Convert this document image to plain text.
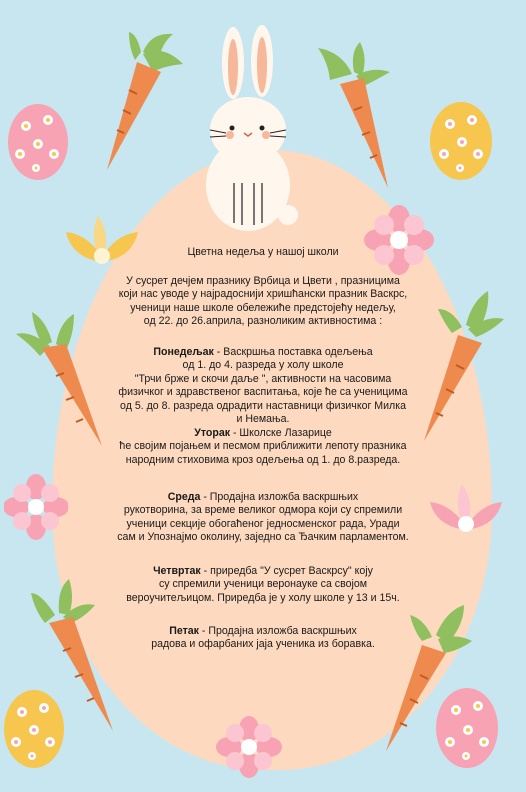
Цветна недеља у нашој школи
У сусрет дечјем празнику Врбица и Цвети , празницима
који нас уводе у најрадоснији хришћански празник Васкрс,
ученици наше школе обележиће предстојећу недељу,
од 22. до 26.априла, разноликим активностима :
Понедељак - Васкршња поставка одељења
од 1. до 4. разреда у холу школе
"Трчи брже и скочи даље ", активности на часовима
физичког и здравственог васпитања, које ће са ученицима
од 5. до 8. разреда одрадити наставници физичког Милка
и Немања.
Уторак - Школске Лазарице
ће својим појањем и песмом приближити лепоту празника
народним стиховима кроз одељења од 1. до 8.разреда.
Среда - Продајна изложба васкршњих
рукотворина, за време великог одмора који су спремили
ученици секције обогаћеног једносменског рада, Уради
сам и Упознајмо околину, заједно са Ђачким парламентом.
Четвртак - приредба "У сусрет Васкрсу" коју
су спремили ученици веронауке са својом
вероучитељицом. Приредба је у холу школе у 13 и 15ч.
Петак - Продајна изложба васкршњих
радова и офарбаних јаја ученика из боравка.
